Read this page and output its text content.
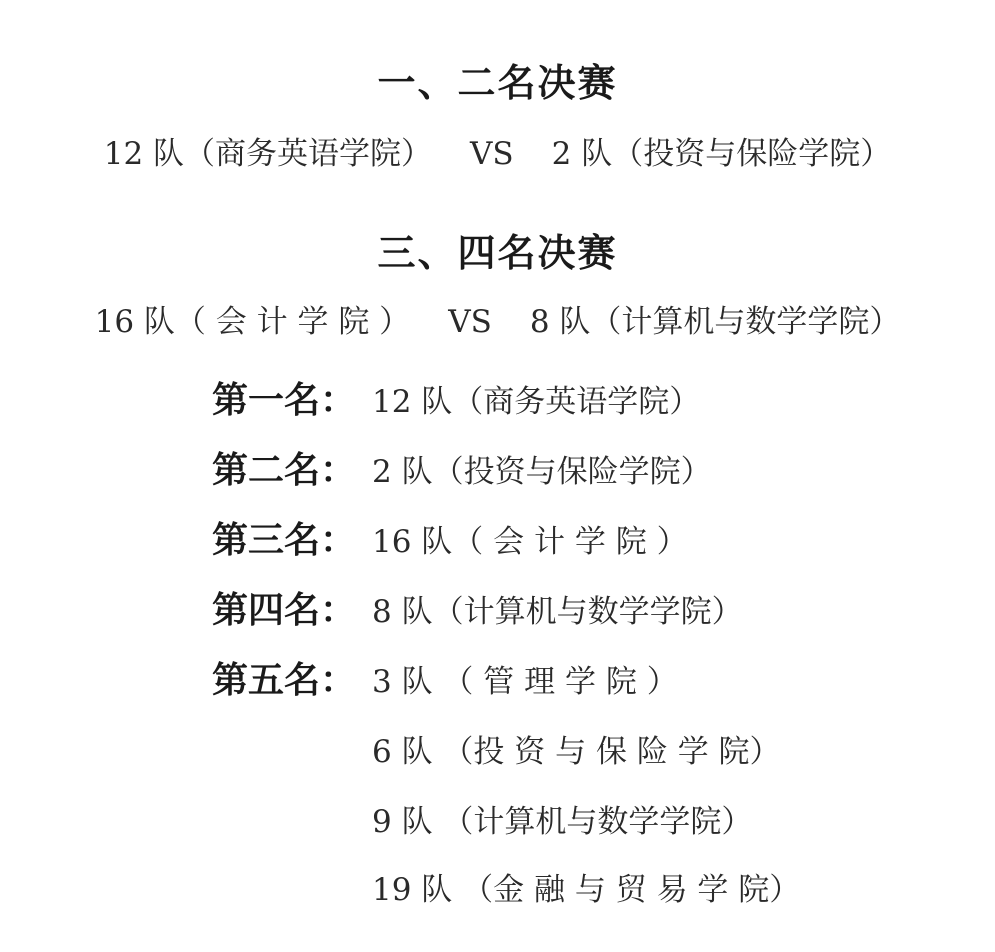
一、二名决赛
12 队（商务英语学院） VS 2 队（投资与保险学院）
三、四名决赛
16 队（ 会 计 学 院 ） VS 8 队（计算机与数学学院）
第一名： 12 队（商务英语学院）
第二名： 2 队（投资与保险学院）
第三名： 16 队（ 会 计 学 院 ）
第四名： 8 队（计算机与数学学院）
第五名： 3 队 （ 管 理 学 院 ）
6 队 （投 资 与 保 险 学 院）
9 队 （计算机与数学学院）
19 队 （金 融 与 贸 易 学 院）
